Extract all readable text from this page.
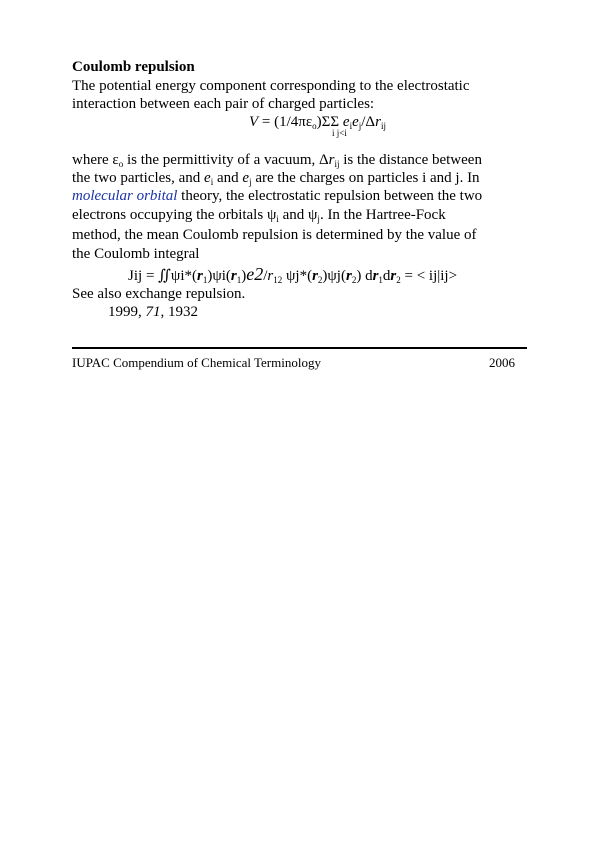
Coulomb repulsion
The potential energy component corresponding to the electrostatic
interaction between each pair of charged particles:
$V = (1/4\pi\varepsilon_o)\Sigma\Sigma$ $e_ie_j/\Delta r_{ij}$
i j<i
where $\varepsilon_o$ is the permittivity of a vacuum, $\Delta r_{ij}$ is the distance between
the two particles, and $e_i$ and $e_j$ are the charges on particles i and j. In
molecular orbital theory, the electrostatic repulsion between the two
electrons occupying the orbitals $\psi_i$ and $\psi_j$. In the Hartree-Fock
method, the mean Coulomb repulsion is determined by the value of
the Coulomb integral
Jij = $∬\psi i*(r_1)\psi i(r_1)e2/r_{12}$ $\psi j*(r_2)\psi j(r_2) dr_1dr_2$ = < ij|ij>
See also exchange repulsion.
1999, 71, 1932
IUPAC Compendium of Chemical Terminology	2006
